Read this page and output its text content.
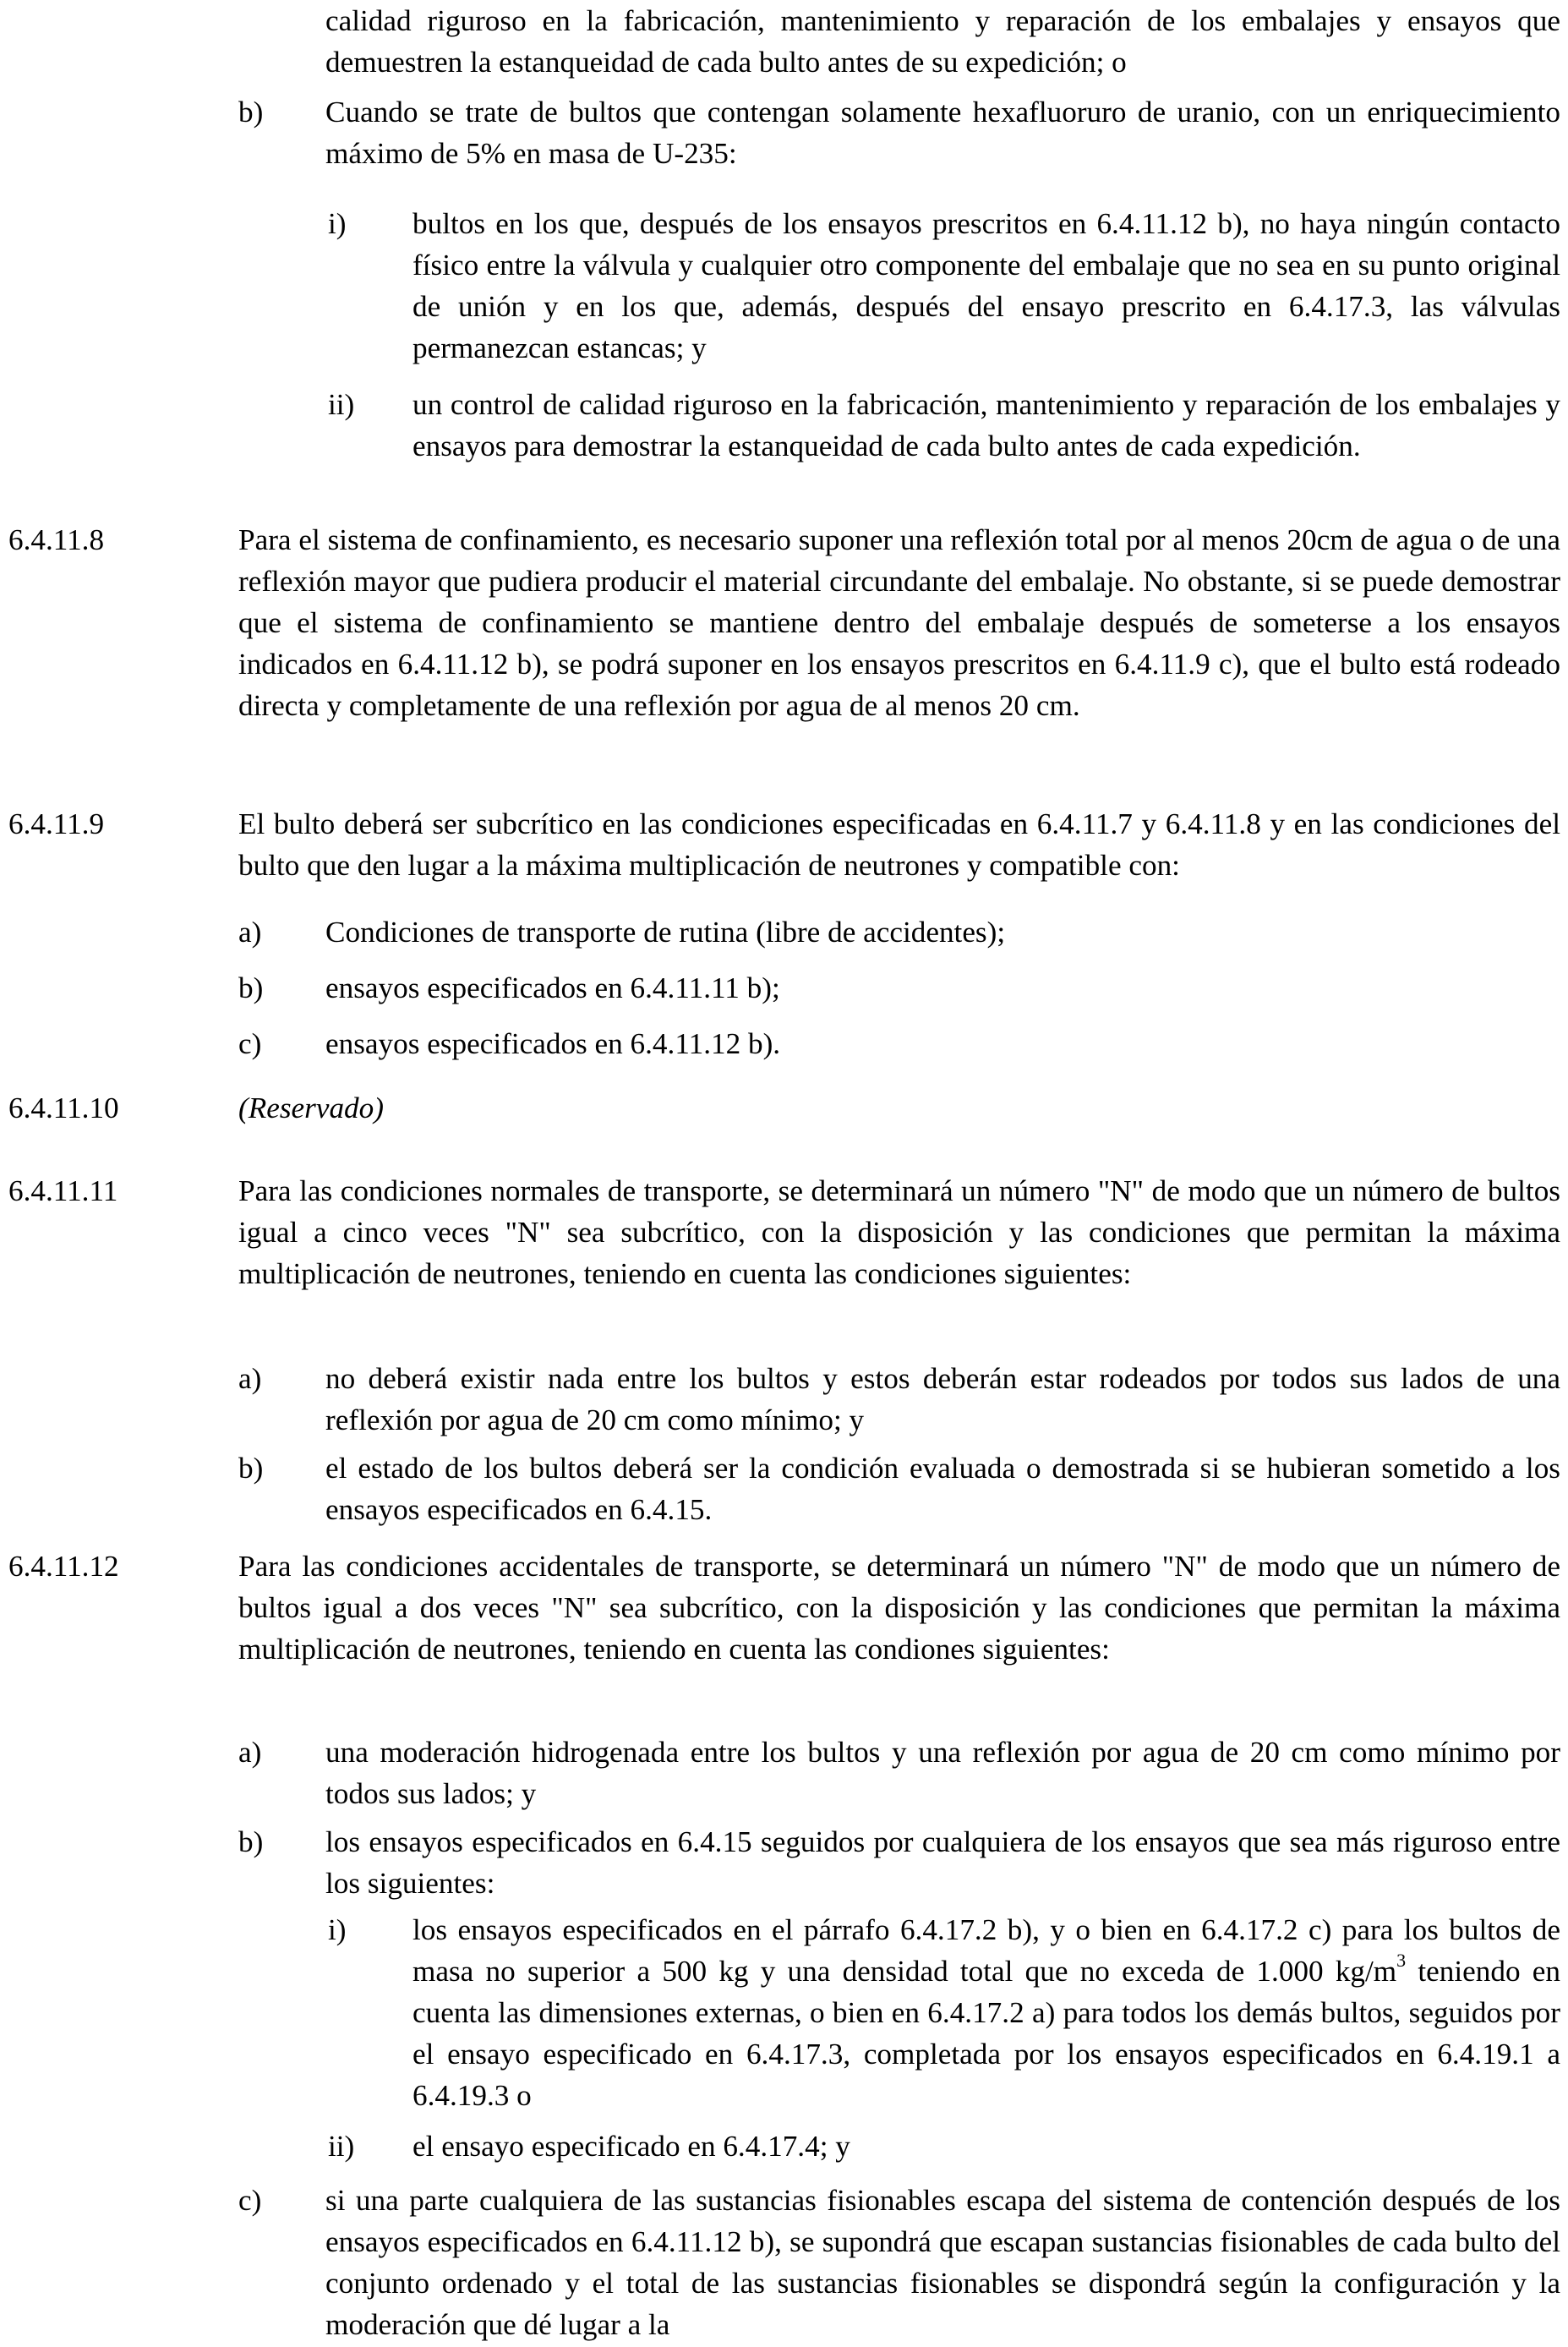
calidad riguroso en la fabricación, mantenimiento y reparación de los embalajes y ensayos que demuestren la estanqueidad de cada bulto antes de su expedición; o

b) Cuando se trate de bultos que contengan solamente hexafluoruro de uranio, con un enriquecimiento máximo de 5% en masa de U-235:

i) bultos en los que, después de los ensayos prescritos en 6.4.11.12 b), no haya ningún contacto físico entre la válvula y cualquier otro componente del embalaje que no sea en su punto original de unión y en los que, además, después del ensayo prescrito en 6.4.17.3, las válvulas permanezcan estancas; y

ii) un control de calidad riguroso en la fabricación, mantenimiento y reparación de los embalajes y ensayos para demostrar la estanqueidad de cada bulto antes de cada expedición.

6.4.11.8	Para el sistema de confinamiento, es necesario suponer una reflexión total por al menos 20cm de agua o de una reflexión mayor que pudiera producir el material circundante del embalaje. No obstante, si se puede demostrar que el sistema de confinamiento se mantiene dentro del embalaje después de someterse a los ensayos indicados en 6.4.11.12 b), se podrá suponer en los ensayos prescritos en 6.4.11.9 c), que el bulto está rodeado directa y completamente de una reflexión por agua de al menos 20 cm.

6.4.11.9	El bulto deberá ser subcrítico en las condiciones especificadas en 6.4.11.7 y 6.4.11.8 y en las condiciones del bulto que den lugar a la máxima multiplicación de neutrones y compatible con:

a) Condiciones de transporte de rutina (libre de accidentes);

b) ensayos especificados en 6.4.11.11 b);

c) ensayos especificados en 6.4.11.12 b).

6.4.11.10	(Reservado)

6.4.11.11	Para las condiciones normales de transporte, se determinará un número "N" de modo que un número de bultos igual a cinco veces "N" sea subcrítico, con la disposición y las condiciones que permitan la máxima multiplicación de neutrones, teniendo en cuenta las condiciones siguientes:

a) no deberá existir nada entre los bultos y estos deberán estar rodeados por todos sus lados de una reflexión por agua de 20 cm como mínimo; y

b) el estado de los bultos deberá ser la condición evaluada o demostrada si se hubieran sometido a los ensayos especificados en 6.4.15.

6.4.11.12	Para las condiciones accidentales de transporte, se determinará un número "N" de modo que un número de bultos igual a dos veces "N" sea subcrítico, con la disposición y las condiciones que permitan la máxima multiplicación de neutrones, teniendo en cuenta las condiones siguientes:

a) una moderación hidrogenada entre los bultos y una reflexión por agua de 20 cm como mínimo por todos sus lados; y

b) los ensayos especificados en 6.4.15 seguidos por cualquiera de los ensayos que sea más riguroso entre los siguientes:

i) los ensayos especificados en el párrafo 6.4.17.2 b), y o bien en 6.4.17.2 c) para los bultos de masa no superior a 500 kg y una densidad total que no exceda de 1.000 $kg/m^3$ teniendo en cuenta las dimensiones externas, o bien en 6.4.17.2 a) para todos los demás bultos, seguidos por el ensayo especificado en 6.4.17.3, completada por los ensayos especificados en 6.4.19.1 a 6.4.19.3 o

ii) el ensayo especificado en 6.4.17.4; y

c) si una parte cualquiera de las sustancias fisionables escapa del sistema de contención después de los ensayos especificados en 6.4.11.12 b), se supondrá que escapan sustancias fisionables de cada bulto del conjunto ordenado y el total de las sustancias fisionables se dispondrá según la configuración y la moderación que dé lugar a la
